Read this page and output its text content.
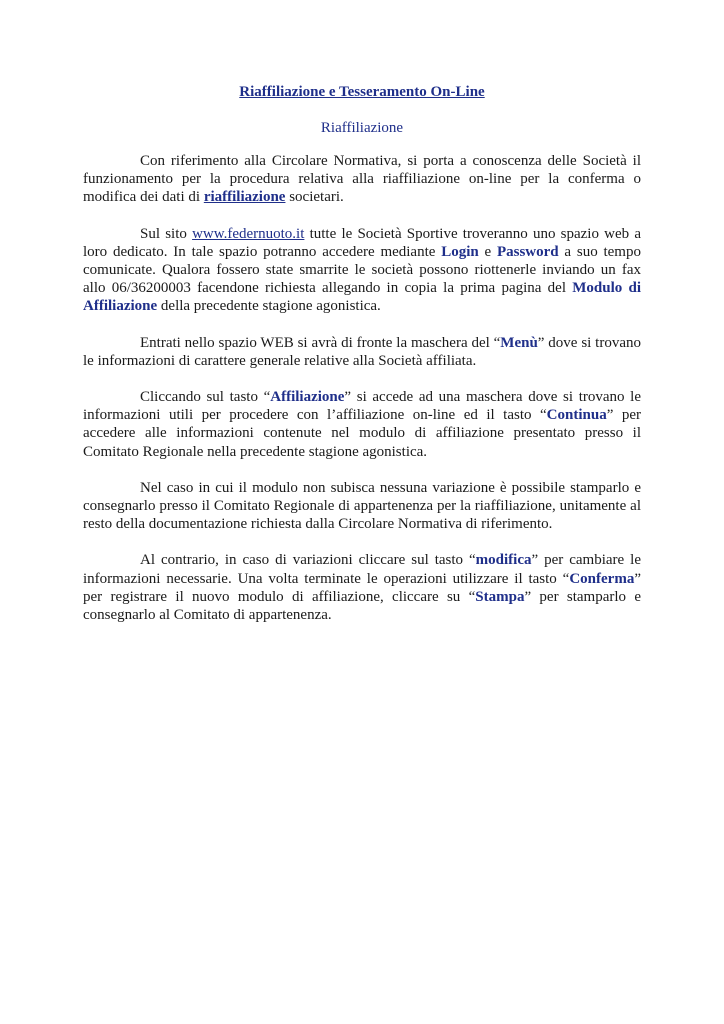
Riaffiliazione e Tesseramento On-Line
Riaffiliazione

Con riferimento alla Circolare Normativa, si porta a conoscenza delle Società il funzionamento per la procedura relativa alla riaffiliazione on-line per la conferma o modifica dei dati di riaffiliazione societari.

Sul sito www.federnuoto.it tutte le Società Sportive troveranno uno spazio web a loro dedicato. In tale spazio potranno accedere mediante Login e Password a suo tempo comunicate. Qualora fossero state smarrite le società possono riottenerle inviando un fax allo 06/36200003 facendone richiesta allegando in copia la prima pagina del Modulo di Affiliazione della precedente stagione agonistica.

Entrati nello spazio WEB si avrà di fronte la maschera del “Menù” dove si trovano le informazioni di carattere generale relative alla Società affiliata.

Cliccando sul tasto “Affiliazione” si accede ad una maschera dove si trovano le informazioni utili per procedere con l’affiliazione on-line ed il tasto “Continua” per accedere alle informazioni contenute nel modulo di affiliazione presentato presso il Comitato Regionale nella precedente stagione agonistica.

Nel caso in cui il modulo non subisca nessuna variazione è possibile stamparlo e consegnarlo presso il Comitato Regionale di appartenenza per la riaffiliazione, unitamente al resto della documentazione richiesta dalla Circolare Normativa di riferimento.

Al contrario, in caso di variazioni cliccare sul tasto “modifica” per cambiare le informazioni necessarie. Una volta terminate le operazioni utilizzare il tasto “Conferma” per registrare il nuovo modulo di affiliazione, cliccare su “Stampa” per stamparlo e consegnarlo al Comitato di appartenenza.
